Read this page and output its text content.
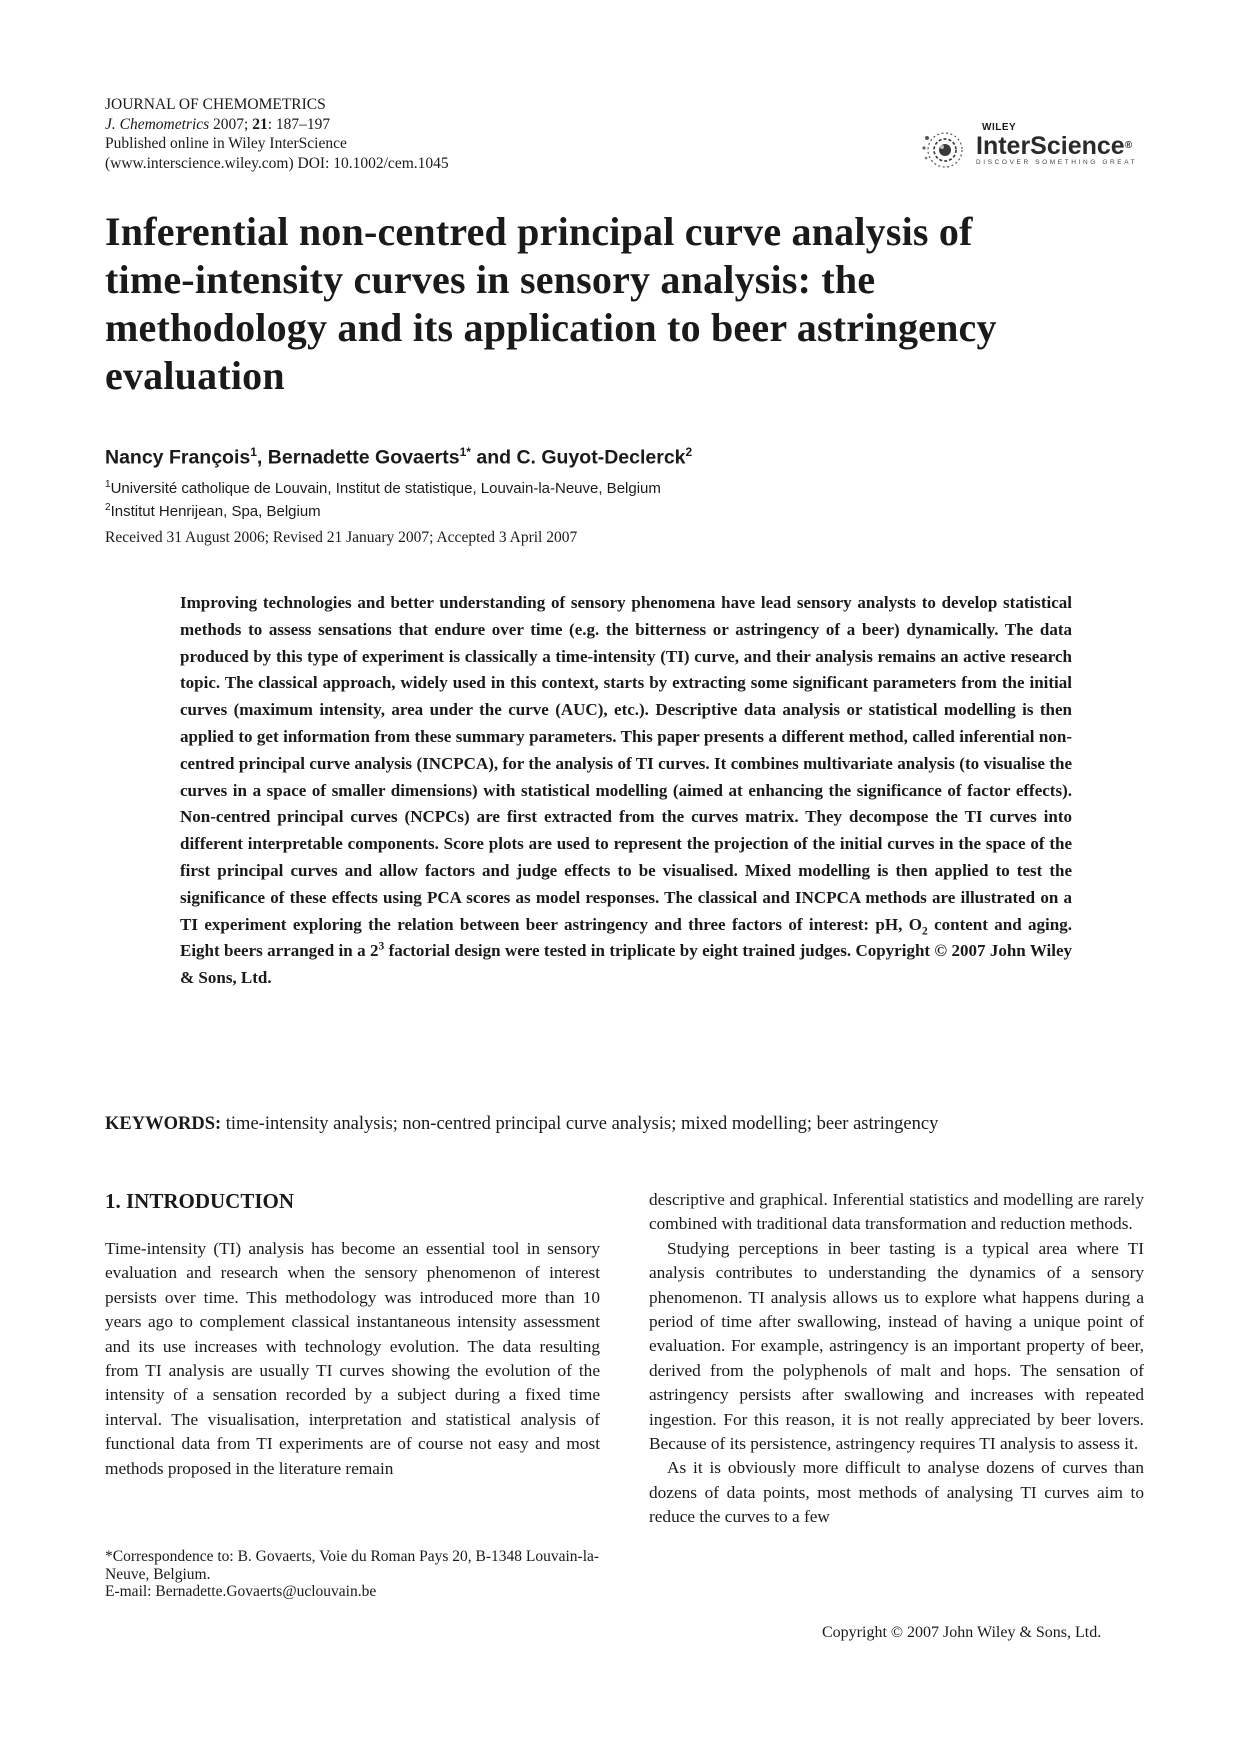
JOURNAL OF CHEMOMETRICS
J. Chemometrics 2007; 21: 187–197
Published online in Wiley InterScience
(www.interscience.wiley.com) DOI: 10.1002/cem.1045
WILEY
InterScience®
DISCOVER SOMETHING GREAT
Inferential non-centred principal curve analysis of time-intensity curves in sensory analysis: the methodology and its application to beer astringency evaluation
Nancy François$^1$, Bernadette Govaerts$^{1*}$ and C. Guyot-Declerck$^2$
$^1$Université catholique de Louvain, Institut de statistique, Louvain-la-Neuve, Belgium
$^2$Institut Henrijean, Spa, Belgium
Received 31 August 2006; Revised 21 January 2007; Accepted 3 April 2007

Improving technologies and better understanding of sensory phenomena have lead sensory analysts to develop statistical methods to assess sensations that endure over time (e.g. the bitterness or astringency of a beer) dynamically. The data produced by this type of experiment is classically a time-intensity (TI) curve, and their analysis remains an active research topic. The classical approach, widely used in this context, starts by extracting some significant parameters from the initial curves (maximum intensity, area under the curve (AUC), etc.). Descriptive data analysis or statistical modelling is then applied to get information from these summary parameters. This paper presents a different method, called inferential non-centred principal curve analysis (INCPCA), for the analysis of TI curves. It combines multivariate analysis (to visualise the curves in a space of smaller dimensions) with statistical modelling (aimed at enhancing the significance of factor effects). Non-centred principal curves (NCPCs) are first extracted from the curves matrix. They decompose the TI curves into different interpretable components. Score plots are used to represent the projection of the initial curves in the space of the first principal curves and allow factors and judge effects to be visualised. Mixed modelling is then applied to test the significance of these effects using PCA scores as model responses. The classical and INCPCA methods are illustrated on a TI experiment exploring the relation between beer astringency and three factors of interest: pH, $O_2$ content and aging. Eight beers arranged in a $2^3$ factorial design were tested in triplicate by eight trained judges. Copyright © 2007 John Wiley & Sons, Ltd.

KEYWORDS: time-intensity analysis; non-centred principal curve analysis; mixed modelling; beer astringency
1. INTRODUCTION

Time-intensity (TI) analysis has become an essential tool in sensory evaluation and research when the sensory phenomenon of interest persists over time. This methodology was introduced more than 10 years ago to complement classical instantaneous intensity assessment and its use increases with technology evolution. The data resulting from TI analysis are usually TI curves showing the evolution of the intensity of a sensation recorded by a subject during a fixed time interval. The visualisation, interpretation and statistical analysis of functional data from TI experiments are of course not easy and most methods proposed in the literature remain

descriptive and graphical. Inferential statistics and modelling are rarely combined with traditional data transformation and reduction methods.

Studying perceptions in beer tasting is a typical area where TI analysis contributes to understanding the dynamics of a sensory phenomenon. TI analysis allows us to explore what happens during a period of time after swallowing, instead of having a unique point of evaluation. For example, astringency is an important property of beer, derived from the polyphenols of malt and hops. The sensation of astringency persists after swallowing and increases with repeated ingestion. For this reason, it is not really appreciated by beer lovers. Because of its persistence, astringency requires TI analysis to assess it.

As it is obviously more difficult to analyse dozens of curves than dozens of data points, most methods of analysing TI curves aim to reduce the curves to a few

*Correspondence to: B. Govaerts, Voie du Roman Pays 20, B-1348 Louvain-la-Neuve, Belgium.
E-mail: Bernadette.Govaerts@uclouvain.be
Copyright © 2007 John Wiley & Sons, Ltd.
